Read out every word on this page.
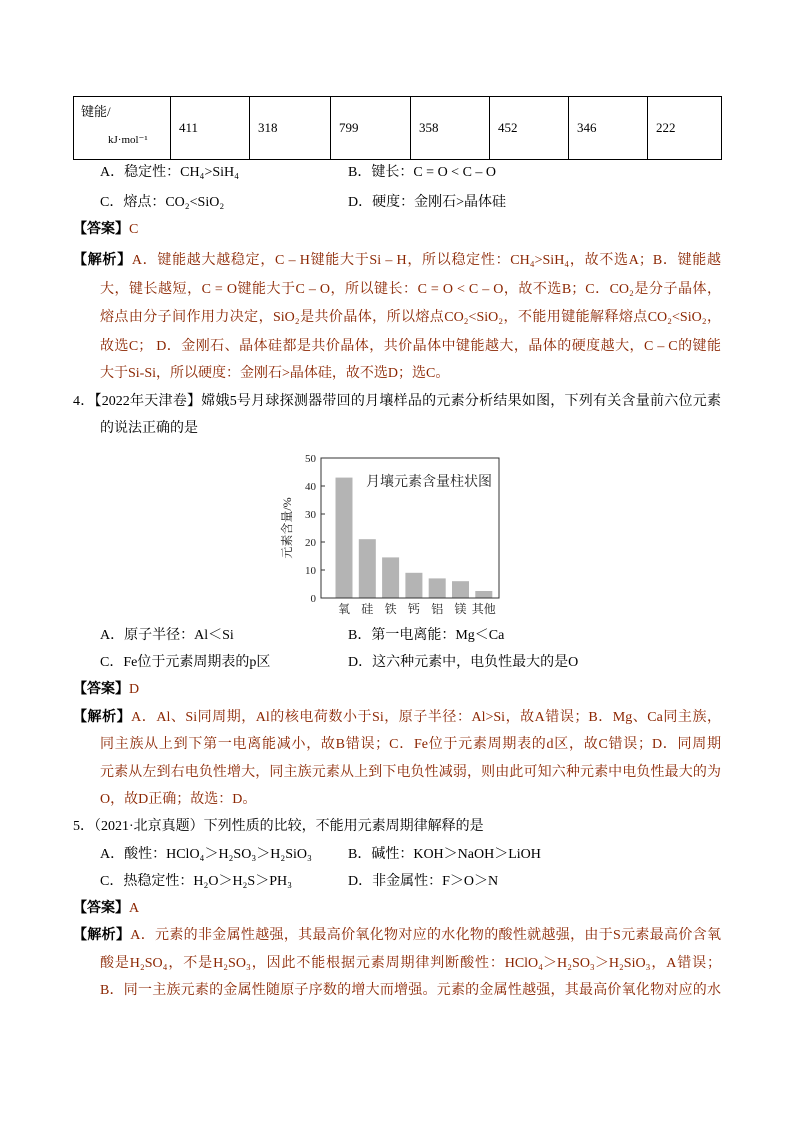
键能/
kJ·mol⁻¹
	411	318	799	358	452	346	222
A．稳定性：CH₄>SiH₄	B．键长：C = O < C – O
C．熔点：CO₂<SiO₂	D．硬度：金刚石>晶体硅
【答案】C
【解析】A．键能越大越稳定，C – H键能大于Si – H，所以稳定性：CH₄>SiH₄，故不选A；B．键能越
大，键长越短，C = O键能大于C – O，所以键长：C = O < C – O，故不选B；C．CO₂是分子晶体，
熔点由分子间作用力决定，SiO₂是共价晶体，所以熔点CO₂<SiO₂，不能用键能解释熔点CO₂<SiO₂，
故选C； D．金刚石、晶体硅都是共价晶体，共价晶体中键能越大，晶体的硬度越大，C – C的键能
大于Si-Si，所以硬度：金刚石>晶体硅，故不选D；选C。
4．【2022年天津卷】嫦娥5号月球探测器带回的月壤样品的元素分析结果如图，下列有关含量前六位元素
的说法正确的是
0
10
20
30
40
50
氧 硅 铁 钙 铝 镁 其他
月壤元素含量柱状图
元素含量/%
A．原子半径：Al＜Si	B．第一电离能：Mg＜Ca
C．Fe位于元素周期表的p区	D．这六种元素中，电负性最大的是O
【答案】D
【解析】A．Al、Si同周期，Al的核电荷数小于Si，原子半径：Al>Si，故A错误；B．Mg、Ca同主族，
同主族从上到下第一电离能减小，故B错误；C．Fe位于元素周期表的d区，故C错误；D．同周期
元素从左到右电负性增大，同主族元素从上到下电负性减弱，则由此可知六种元素中电负性最大的为
O，故D正确；故选：D。
5．（2021·北京真题）下列性质的比较，不能用元素周期律解释的是
A．酸性：HClO₄＞H₂SO₃＞H₂SiO₃	B．碱性：KOH＞NaOH＞LiOH
C．热稳定性：H₂O＞H₂S＞PH₃	D．非金属性：F＞O＞N
【答案】A
【解析】A．元素的非金属性越强，其最高价氧化物对应的水化物的酸性就越强，由于S元素最高价含氧
酸是H₂SO₄，不是H₂SO₃，因此不能根据元素周期律判断酸性：HClO₄＞H₂SO₃＞H₂SiO₃，A错误；
B．同一主族元素的金属性随原子序数的增大而增强。元素的金属性越强，其最高价氧化物对应的水
